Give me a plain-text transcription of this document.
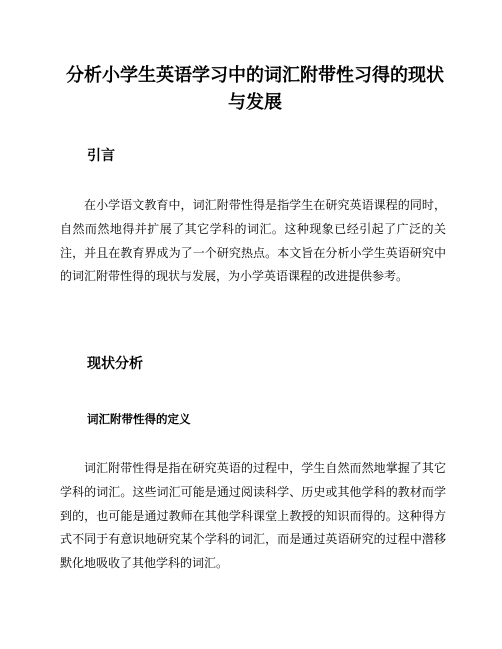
分析小学生英语学习中的词汇附带性习得的现状与发展
引言

在小学语文教育中，词汇附带性得是指学生在研究英语课程的同时，自然而然地得并扩展了其它学科的词汇。这种现象已经引起了广泛的关注，并且在教育界成为了一个研究热点。本文旨在分析小学生英语研究中的词汇附带性得的现状与发展，为小学英语课程的改进提供参考。

现状分析
词汇附带性得的定义

词汇附带性得是指在研究英语的过程中，学生自然而然地掌握了其它学科的词汇。这些词汇可能是通过阅读科学、历史或其他学科的教材而学到的，也可能是通过教师在其他学科课堂上教授的知识而得的。这种得方式不同于有意识地研究某个学科的词汇，而是通过英语研究的过程中潜移默化地吸收了其他学科的词汇。
